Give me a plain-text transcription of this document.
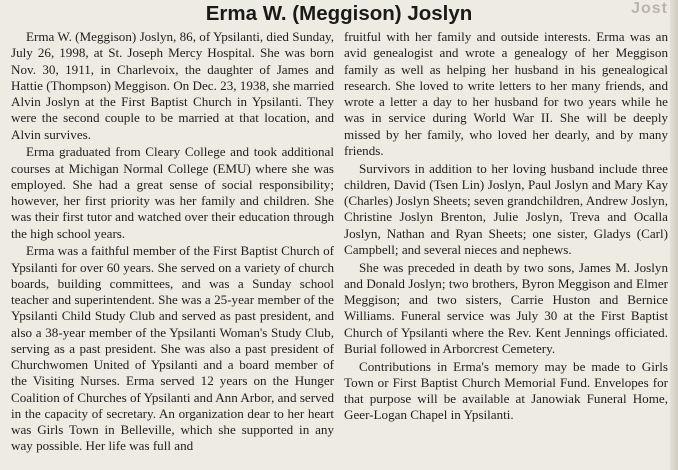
Jost
Erma W. (Meggison) Joslyn

Erma W. (Meggison) Joslyn, 86, of Ypsilanti, died Sunday, July 26, 1998, at St. Joseph Mercy Hospital. She was born Nov. 30, 1911, in Charlevoix, the daughter of James and Hattie (Thompson) Meggison. On Dec. 23, 1938, she married Alvin Joslyn at the First Baptist Church in Ypsilanti. They were the second couple to be married at that location, and Alvin survives.

Erma graduated from Cleary College and took additional courses at Michigan Normal College (EMU) where she was employed. She had a great sense of social responsibility; however, her first priority was her family and children. She was their first tutor and watched over their education through the high school years.

Erma was a faithful member of the First Baptist Church of Ypsilanti for over 60 years. She served on a variety of church boards, building committees, and was a Sunday school teacher and superintendent. She was a 25-year member of the Ypsilanti Child Study Club and served as past president, and also a 38-year member of the Ypsilanti Woman's Study Club, serving as a past president. She was also a past president of Churchwomen United of Ypsilanti and a board member of the Visiting Nurses. Erma served 12 years on the Hunger Coalition of Churches of Ypsilanti and Ann Arbor, and served in the capacity of secretary. An organization dear to her heart was Girls Town in Belleville, which she supported in any way possible. Her life was full and

fruitful with her family and outside interests. Erma was an avid genealogist and wrote a genealogy of her Meggison family as well as helping her husband in his genealogical research. She loved to write letters to her many friends, and wrote a letter a day to her husband for two years while he was in service during World War II. She will be deeply missed by her family, who loved her dearly, and by many friends.

Survivors in addition to her loving husband include three children, David (Tsen Lin) Joslyn, Paul Joslyn and Mary Kay (Charles) Joslyn Sheets; seven grandchildren, Andrew Joslyn, Christine Joslyn Brenton, Julie Joslyn, Treva and Ocalla Joslyn, Nathan and Ryan Sheets; one sister, Gladys (Carl) Campbell; and several nieces and nephews.

She was preceded in death by two sons, James M. Joslyn and Donald Joslyn; two brothers, Byron Meggison and Elmer Meggison; and two sisters, Carrie Huston and Bernice Williams. Funeral service was July 30 at the First Baptist Church of Ypsilanti where the Rev. Kent Jennings officiated. Burial followed in Arborcrest Cemetery.

Contributions in Erma's memory may be made to Girls Town or First Baptist Church Memorial Fund. Envelopes for that purpose will be available at Janowiak Funeral Home, Geer-Logan Chapel in Ypsilanti.
